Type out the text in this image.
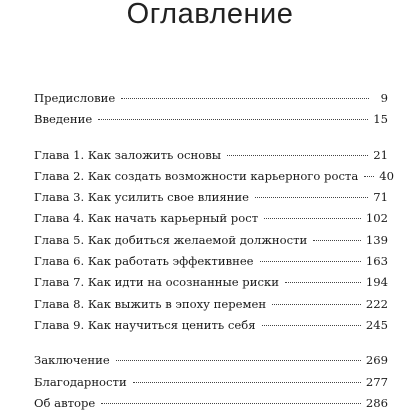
Оглавление
Предисловие	9
Введение	15
Глава 1. Как заложить основы	21
Глава 2. Как создать возможности карьерного роста 40
Глава 3. Как усилить свое влияние	71
Глава 4. Как начать карьерный рост	102
Глава 5. Как добиться желаемой должности	139
Глава 6. Как работать эффективнее	163
Глава 7. Как идти на осознанные риски	194
Глава 8. Как выжить в эпоху перемен	222
Глава 9. Как научиться ценить себя	245
Заключение	269
Благодарности	277
Об авторе	286
